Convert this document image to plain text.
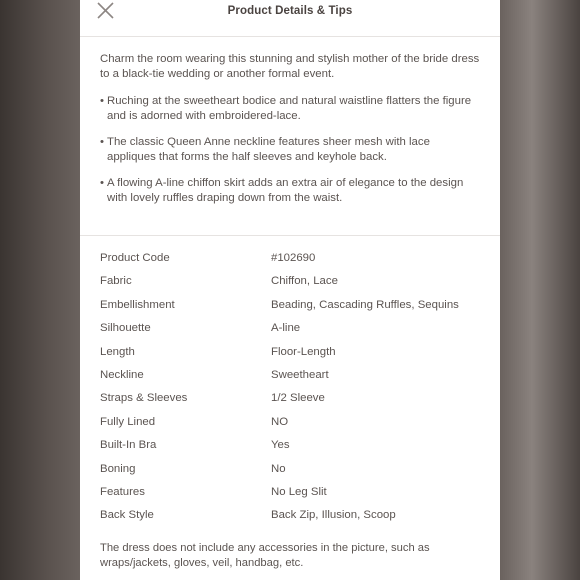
Product Details & Tips

Charm the room wearing this stunning and stylish mother of the bride dress to a black-tie wedding or another formal event.

• Ruching at the sweetheart bodice and natural waistline flatters the figure and is adorned with embroidered-lace.
• The classic Queen Anne neckline features sheer mesh with lace appliques that forms the half sleeves and keyhole back.
• A flowing A-line chiffon skirt adds an extra air of elegance to the design with lovely ruffles draping down from the waist.
Product Code	#102690
Fabric	Chiffon, Lace
Embellishment	Beading, Cascading Ruffles, Sequins
Silhouette	A-line
Length	Floor-Length
Neckline	Sweetheart
Straps & Sleeves	1/2 Sleeve
Fully Lined	NO
Built-In Bra	Yes
Boning	No
Features	No Leg Slit
Back Style	Back Zip, Illusion, Scoop
The dress does not include any accessories in the picture, such as wraps/jackets, gloves, veil, handbag, etc.
